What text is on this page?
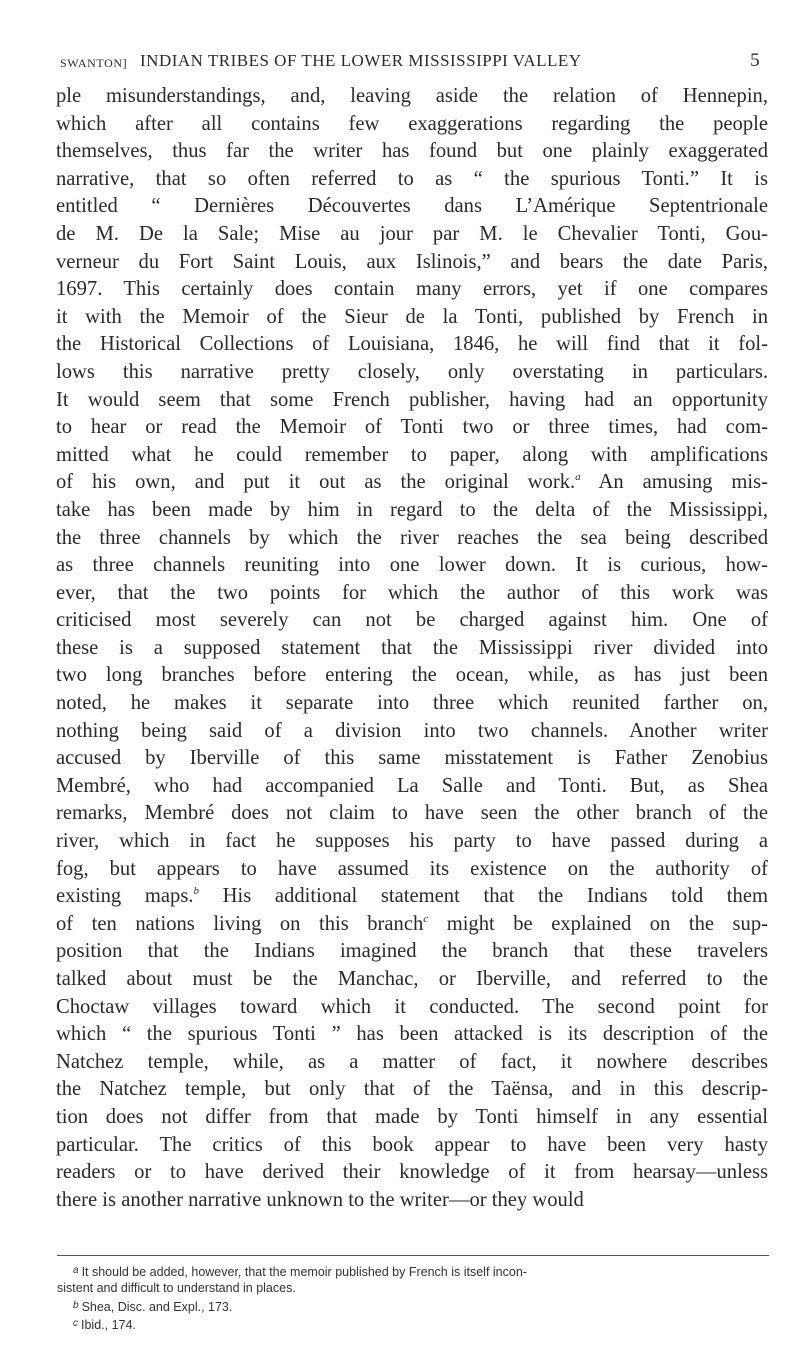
SWANTON] INDIAN TRIBES OF THE LOWER MISSISSIPPI VALLEY	5
ple misunderstandings, and, leaving aside the relation of Hennepin,
which after all contains few exaggerations regarding the people
themselves, thus far the writer has found but one plainly exaggerated
narrative, that so often referred to as “ the spurious Tonti.” It is
entitled “ Dernières Découvertes dans L’Amérique Septentrionale
de M. De la Sale; Mise au jour par M. le Chevalier Tonti, Gou-
verneur du Fort Saint Louis, aux Islinois,” and bears the date Paris,
1697. This certainly does contain many errors, yet if one compares
it with the Memoir of the Sieur de la Tonti, published by French in
the Historical Collections of Louisiana, 1846, he will find that it fol-
lows this narrative pretty closely, only overstating in particulars.
It would seem that some French publisher, having had an opportunity
to hear or read the Memoir of Tonti two or three times, had com-
mitted what he could remember to paper, along with amplifications
of his own, and put it out as the original work.$^a$ An amusing mis-
take has been made by him in regard to the delta of the Mississippi,
the three channels by which the river reaches the sea being described
as three channels reuniting into one lower down. It is curious, how-
ever, that the two points for which the author of this work was
criticised most severely can not be charged against him. One of
these is a supposed statement that the Mississippi river divided into
two long branches before entering the ocean, while, as has just been
noted, he makes it separate into three which reunited farther on,
nothing being said of a division into two channels. Another writer
accused by Iberville of this same misstatement is Father Zenobius
Membré, who had accompanied La Salle and Tonti. But, as Shea
remarks, Membré does not claim to have seen the other branch of the
river, which in fact he supposes his party to have passed during a
fog, but appears to have assumed its existence on the authority of
existing maps.$^b$ His additional statement that the Indians told them
of ten nations living on this branch$^c$ might be explained on the sup-
position that the Indians imagined the branch that these travelers
talked about must be the Manchac, or Iberville, and referred to the
Choctaw villages toward which it conducted. The second point for
which “ the spurious Tonti ” has been attacked is its description of the
Natchez temple, while, as a matter of fact, it nowhere describes
the Natchez temple, but only that of the Taënsa, and in this descrip-
tion does not differ from that made by Tonti himself in any essential
particular. The critics of this book appear to have been very hasty
readers or to have derived their knowledge of it from hearsay—unless
there is another narrative unknown to the writer—or they would
$^a$ It should be added, however, that the memoir published by French is itself incon-
sistent and difficult to understand in places.
$^b$ Shea, Disc. and Expl., 173.
$^c$ Ibid., 174.
